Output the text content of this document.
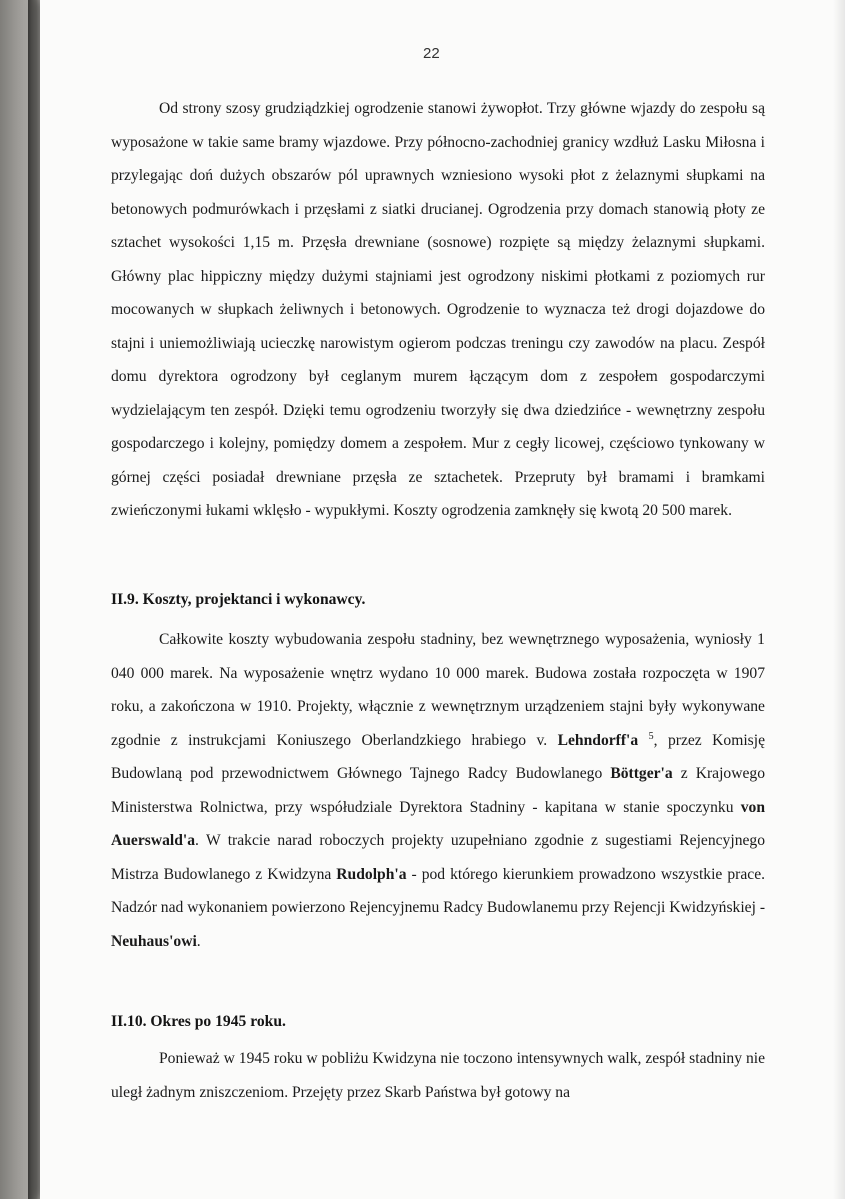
22

Od strony szosy grudziądzkiej ogrodzenie stanowi żywopłot. Trzy główne wjazdy do zespołu są wyposażone w takie same bramy wjazdowe. Przy północno-zachodniej granicy wzdłuż Lasku Miłosna i przylegając doń dużych obszarów pól uprawnych wzniesiono wysoki płot z żelaznymi słupkami na betonowych podmurówkach i przęsłami z siatki drucianej. Ogrodzenia przy domach stanowią płoty ze sztachet wysokości 1,15 m. Przęsła drewniane (sosnowe) rozpięte są między żelaznymi słupkami. Główny plac hippiczny między dużymi stajniami jest ogrodzony niskimi płotkami z poziomych rur mocowanych w słupkach żeliwnych i betonowych. Ogrodzenie to wyznacza też drogi dojazdowe do stajni i uniemożliwiają ucieczkę narowistym ogierom podczas treningu czy zawodów na placu. Zespół domu dyrektora ogrodzony był ceglanym murem łączącym dom z zespołem gospodarczymi wydzielającym ten zespół. Dzięki temu ogrodzeniu tworzyły się dwa dziedzińce - wewnętrzny zespołu gospodarczego i kolejny, pomiędzy domem a zespołem. Mur z cegły licowej, częściowo tynkowany w górnej części posiadał drewniane przęsła ze sztachetek. Przepruty był bramami i bramkami zwieńczonymi łukami wklęsło - wypukłymi. Koszty ogrodzenia zamknęły się kwotą 20 500 marek.

II.9. Koszty, projektanci i wykonawcy.

Całkowite koszty wybudowania zespołu stadniny, bez wewnętrznego wyposażenia, wyniosły 1 040 000 marek. Na wyposażenie wnętrz wydano 10 000 marek. Budowa została rozpoczęta w 1907 roku, a zakończona w 1910. Projekty, włącznie z wewnętrznym urządzeniem stajni były wykonywane zgodnie z instrukcjami Koniuszego Oberlandzkiego hrabiego v. Lehndorff'a $^5$, przez Komisję Budowlaną pod przewodnictwem Głównego Tajnego Radcy Budowlanego Böttger'a z Krajowego Ministerstwa Rolnictwa, przy współudziale Dyrektora Stadniny - kapitana w stanie spoczynku von Auerswald'a. W trakcie narad roboczych projekty uzupełniano zgodnie z sugestiami Rejencyjnego Mistrza Budowlanego z Kwidzyna Rudolph'a - pod którego kierunkiem prowadzono wszystkie prace. Nadzór nad wykonaniem powierzono Rejencyjnemu Radcy Budowlanemu przy Rejencji Kwidzyńskiej - Neuhaus'owi.

II.10. Okres po 1945 roku.

Ponieważ w 1945 roku w pobliżu Kwidzyna nie toczono intensywnych walk, zespół stadniny nie uległ żadnym zniszczeniom. Przejęty przez Skarb Państwa był gotowy na
